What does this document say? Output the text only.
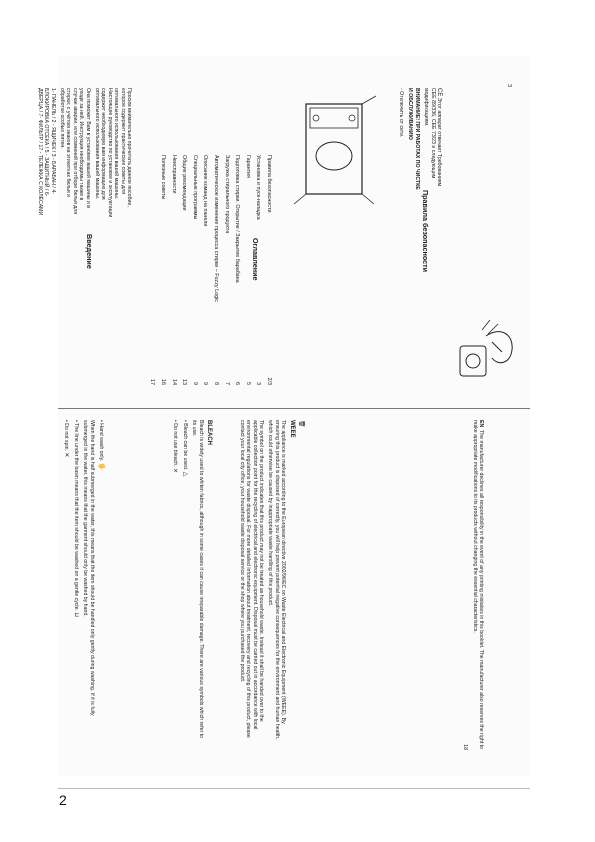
• Hand wash only. 🖐

When the hand is half submerged in the water, this means that the item should be handled only gently during washing. If it is fully submerged in the water, this means that the garment should only be washed by hand.

• The line under the basin means that the item should be washed on a gentle cycle. ⊔

• Do not spin. ✕

BLEACH

Bleach is widely used to whiten fabrics, although in some cases it can cause irreparable damage. There are various symbols which refer to its use.

• Bleach can be used. △

• Do not use bleach. ⨯

🗑

WEEE

The appliance is marked according to the European directive 2002/96/EC on Waste Electrical and Electronic Equipment (WEEE). By ensuring this product is disposed of correctly, you will help prevent potential negative consequences for the environment and human health, which could otherwise be caused by inappropriate waste handling of this product.

The symbol on the product indicates that this product may not be treated as household waste. Instead it shall be handed over to the applicable collection point for the recycling of electrical and electronic equipment. Disposal must be carried out in accordance with local environmental regulations for waste disposal. For more detailed information about treatment, recovery and recycling of this product, please contact your local city office, your household waste disposal service or the shop where you purchased the product.	EN  The manufacturer declines all responsibility in the event of any printing mistakes in this booklet. The manufacturer also reserves the right to make appropriate modifications to its products without changing the essential characteristics.

18

Введение

Просим внимательно прочитать данное пособие, которое содержит практические советы для оптимального использования вашей машины. Настоящее руководство по установке и эксплуатации содержит необходимую вам информацию для оптимального использования вашей машины.

Она поможет Вам в установке вашей машины и в уходе за ней. Инструкция необходимы также в случае аварии, или сомнений при отборе белья для стирки; с учётом знаков на этикетках белья и обработки особых пятен.

1- ПАНЕЛЬ / 2 - ЯЩИЧЕК / 3 - БАРАБАН / 4- БЛОКИРОВКА ОТСЕКА / 5 - ЗАЩИТНЫЙ / 6- ДВЕРЦА / 7- ФИЛЬТР / 17 - ТЕЛЕЖКА С КОЛЁСАМИ

Оглавление
Правила безопасности
2/3
Установка и пуск-наладка
3
Гарантия
5
Подготовка стирки. Открытие / Закрытие барабана
6
Загрузка стирального продукта
7
Автоматическое изменение процесса стирки – Fuzzy Logic
8
Описание команд на панели
9
Специальные программы
9
Общие рекомендации
13
Неисправности
14
Полезные советы
16
17
Правила безопасности

CE Этот аппарат отвечает Требованиям CEE 89/336, CEE 73/23 и следующим модификациям.

ВНИМАНИЕ! ПРИ РАБОТАХ ПО ЧИСТКЕ И ОБСЛУЖИВАНИЮ

- Отключить от сети.

3
2
